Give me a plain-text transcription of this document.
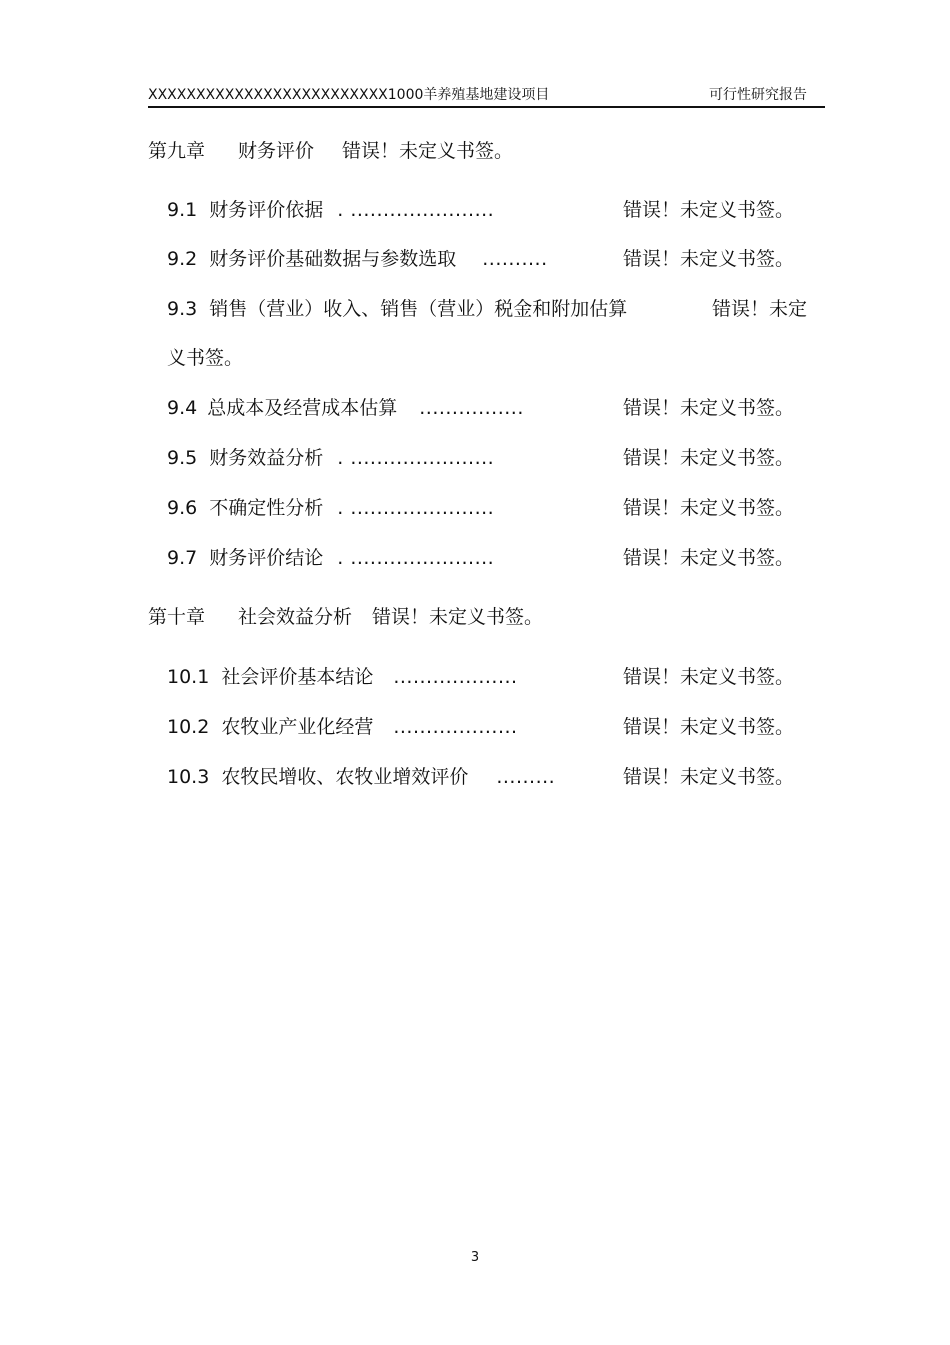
XXXXXXXXXXXXXXXXXXXXXXXXX1000羊养殖基地建设项目	可行性研究报告
第九章 财务评价 错误！未定义书签。
9.1 财务评价依据 . ......................	错误！未定义书签。
9.2 财务评价基础数据与参数选取 ..........	错误！未定义书签。
9.3 销售（营业）收入、销售（营业）税金和附加估算	错误！未定
义书签。
9.4 总成本及经营成本估算 ................	错误！未定义书签。
9.5 财务效益分析 . ......................	错误！未定义书签。
9.6 不确定性分析 . ......................	错误！未定义书签。
9.7 财务评价结论 . ......................	错误！未定义书签。
第十章 社会效益分析 错误！未定义书签。
10.1 社会评价基本结论 ...................	错误！未定义书签。
10.2 农牧业产业化经营 ...................	错误！未定义书签。
10.3 农牧民增收、农牧业增效评价 .........	错误！未定义书签。
3
